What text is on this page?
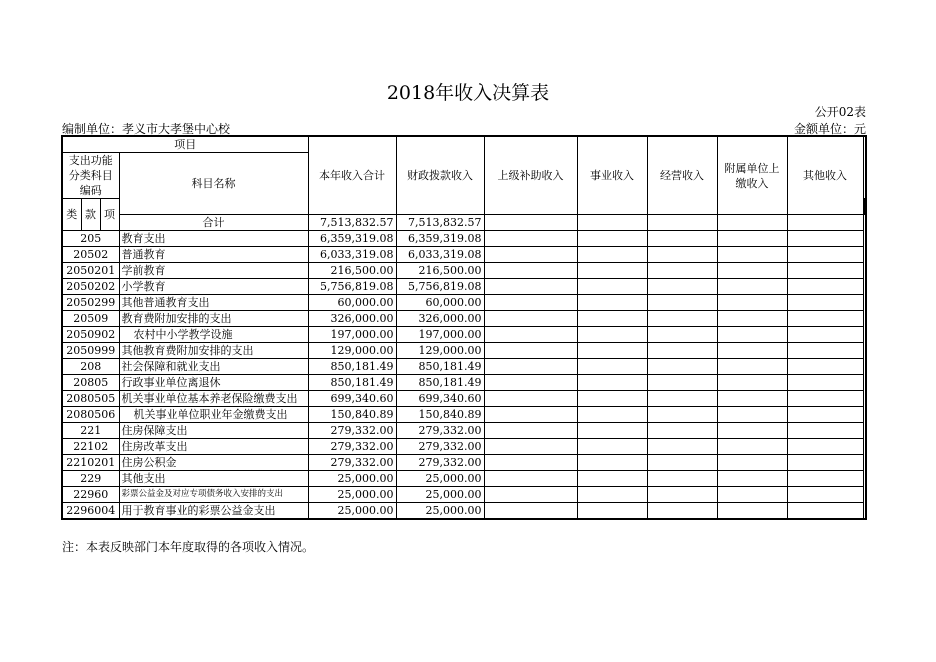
2018年收入决算表
公开02表
编制单位：孝义市大孝堡中心校	金额单位：元
项目				本年收入合计	财政拨款收入	上级补助收入	事业收入	经营收入	附属单位上缴收入	其他收入		
支出功能分类科目编码			科目名称									
类	款	项								
			合计	7,513,832.57	7,513,832.57							
205			教育支出	6,359,319.08	6,359,319.08							
20502			普通教育	6,033,319.08	6,033,319.08							
2050201			学前教育	216,500.00	216,500.00							
2050202			小学教育	5,756,819.08	5,756,819.08							
2050299			其他普通教育支出	60,000.00	60,000.00							
20509			教育费附加安排的支出	326,000.00	326,000.00							
2050902			农村中小学教学设施	197,000.00	197,000.00							
2050999			其他教育费附加安排的支出	129,000.00	129,000.00							
208			社会保障和就业支出	850,181.49	850,181.49							
20805			行政事业单位离退休	850,181.49	850,181.49							
2080505			机关事业单位基本养老保险缴费支出	699,340.60	699,340.60							
2080506			机关事业单位职业年金缴费支出	150,840.89	150,840.89							
221			住房保障支出	279,332.00	279,332.00							
22102			住房改革支出	279,332.00	279,332.00							
2210201			住房公积金	279,332.00	279,332.00							
229			其他支出	25,000.00	25,000.00							
22960			彩票公益金及对应专项债务收入安排的支出	25,000.00	25,000.00							
2296004			用于教育事业的彩票公益金支出	25,000.00	25,000.00							
注：本表反映部门本年度取得的各项收入情况。
